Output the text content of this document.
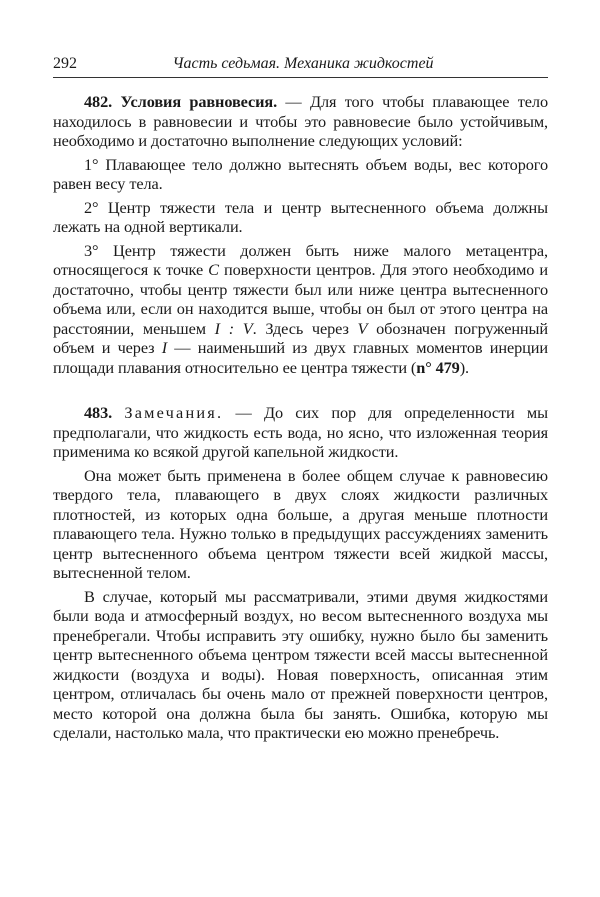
292	Часть седьмая. Механика жидкостей

482. Условия равновесия. — Для того чтобы плавающее тело находилось в равновесии и чтобы это равновесие было устойчивым, необходимо и достаточно выполнение следующих условий:

1° Плавающее тело должно вытеснять объем воды, вес которого равен весу тела.

2° Центр тяжести тела и центр вытесненного объема должны лежать на одной вертикали.

3° Центр тяжести должен быть ниже малого метацентра, относящегося к точке C поверхности центров. Для этого необходимо и достаточно, чтобы центр тяжести был или ниже центра вытесненного объема или, если он находится выше, чтобы он был от этого центра на расстоянии, меньшем I : V. Здесь через V обозначен погруженный объем и через I — наименьший из двух главных моментов инерции площади плавания относительно ее центра тяжести (n° 479).

483. Замечания. — До сих пор для определенности мы предполагали, что жидкость есть вода, но ясно, что изложенная теория применима ко всякой другой капельной жидкости.

Она может быть применена в более общем случае к равновесию твердого тела, плавающего в двух слоях жидкости различных плотностей, из которых одна больше, а другая меньше плотности плавающего тела. Нужно только в предыдущих рассуждениях заменить центр вытесненного объема центром тяжести всей жидкой массы, вытесненной телом.

В случае, который мы рассматривали, этими двумя жидкостями были вода и атмосферный воздух, но весом вытесненного воздуха мы пренебрегали. Чтобы исправить эту ошибку, нужно было бы заменить центр вытесненного объема центром тяжести всей массы вытесненной жидкости (воздуха и воды). Новая поверхность, описанная этим центром, отличалась бы очень мало от прежней поверхности центров, место которой она должна была бы занять. Ошибка, которую мы сделали, настолько мала, что практически ею можно пренебречь.
